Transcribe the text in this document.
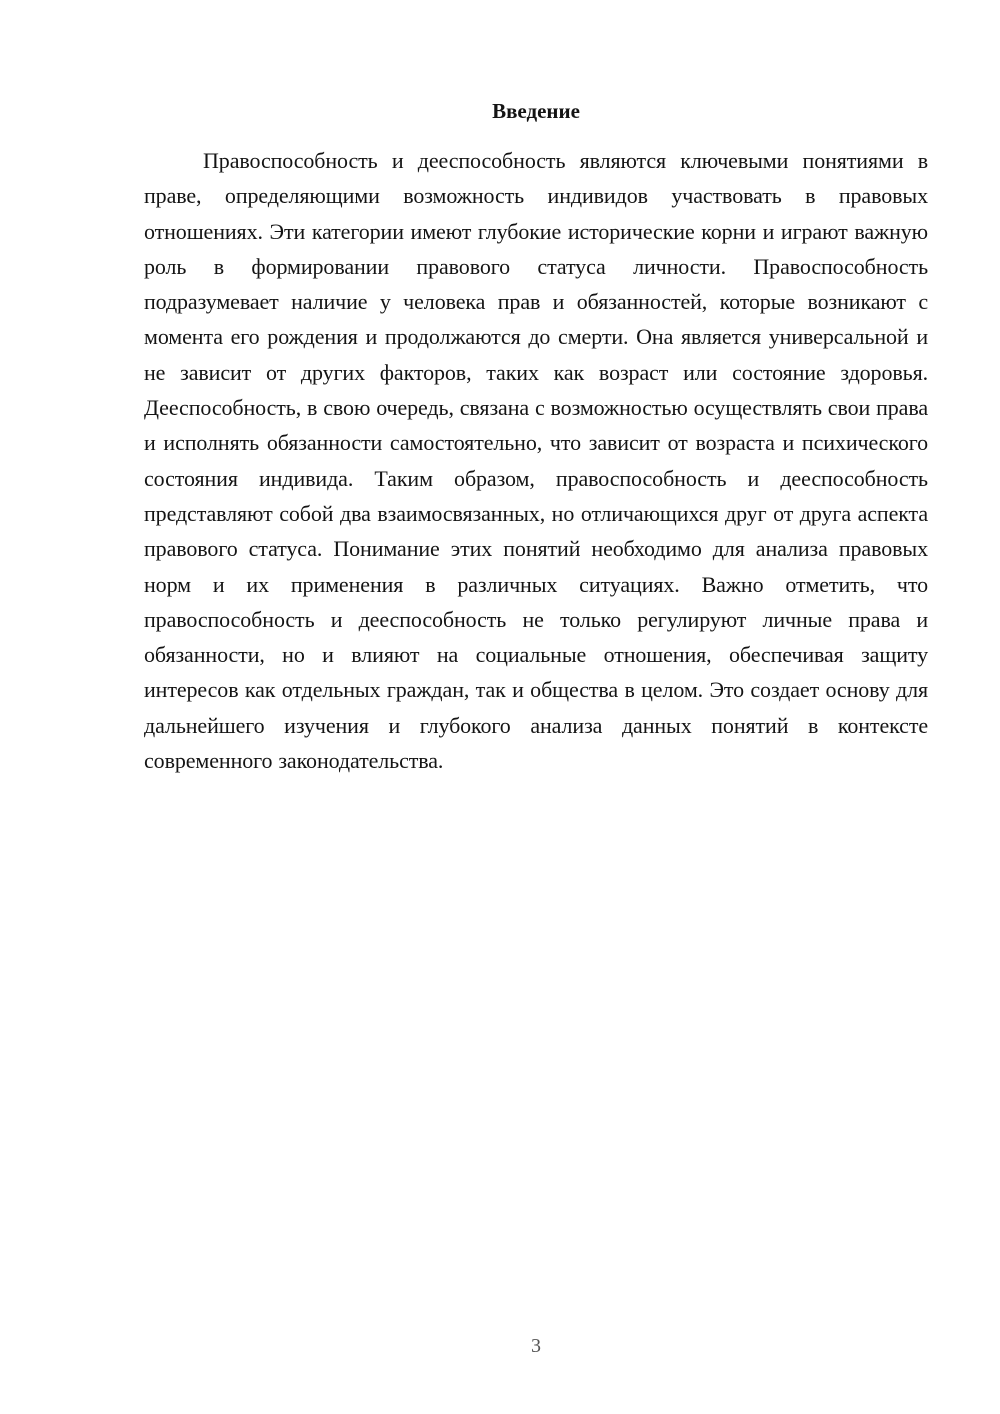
Введение

Правоспособность и дееспособность являются ключевыми понятиями в праве, определяющими возможность индивидов участвовать в правовых отношениях. Эти категории имеют глубокие исторические корни и играют важную роль в формировании правового статуса личности. Правоспособность подразумевает наличие у человека прав и обязанностей, которые возникают с момента его рождения и продолжаются до смерти. Она является универсальной и не зависит от других факторов, таких как возраст или состояние здоровья. Дееспособность, в свою очередь, связана с возможностью осуществлять свои права и исполнять обязанности самостоятельно, что зависит от возраста и психического состояния индивида. Таким образом, правоспособность и дееспособность представляют собой два взаимосвязанных, но отличающихся друг от друга аспекта правового статуса. Понимание этих понятий необходимо для анализа правовых норм и их применения в различных ситуациях. Важно отметить, что правоспособность и дееспособность не только регулируют личные права и обязанности, но и влияют на социальные отношения, обеспечивая защиту интересов как отдельных граждан, так и общества в целом. Это создает основу для дальнейшего изучения и глубокого анализа данных понятий в контексте современного законодательства.

3
